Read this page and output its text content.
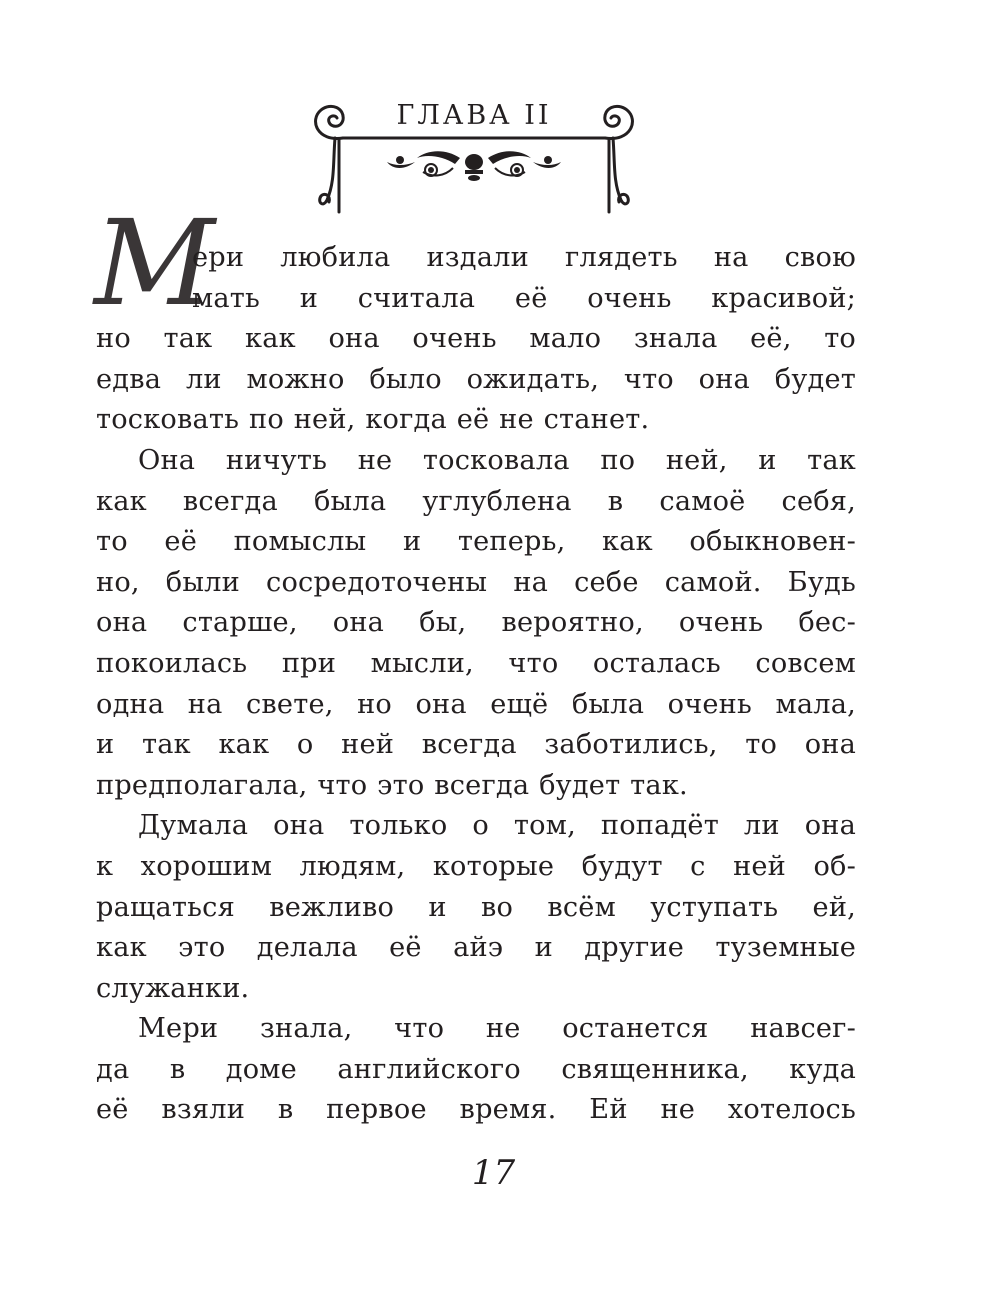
ГЛАВА II
М
ери любила издали глядеть на свою
мать и считала её очень красивой;
но так как она очень мало знала её, то
едва ли можно было ожидать, что она будет
тосковать по ней, когда её не станет.
Она ничуть не тосковала по ней, и так
как всегда была углублена в самоё себя,
то её помыслы и теперь, как обыкновен-
но, были сосредоточены на себе самой. Будь
она старше, она бы, вероятно, очень бес-
покоилась при мысли, что осталась совсем
одна на свете, но она ещё была очень мала,
и так как о ней всегда заботились, то она
предполагала, что это всегда будет так.
Думала она только о том, попадёт ли она
к хорошим людям, которые будут с ней об-
ращаться вежливо и во всём уступать ей,
как это делала её айэ и другие туземные
служанки.
Мери знала, что не останется навсег-
да в доме английского священника, куда
её взяли в первое время. Ей не хотелось
17
